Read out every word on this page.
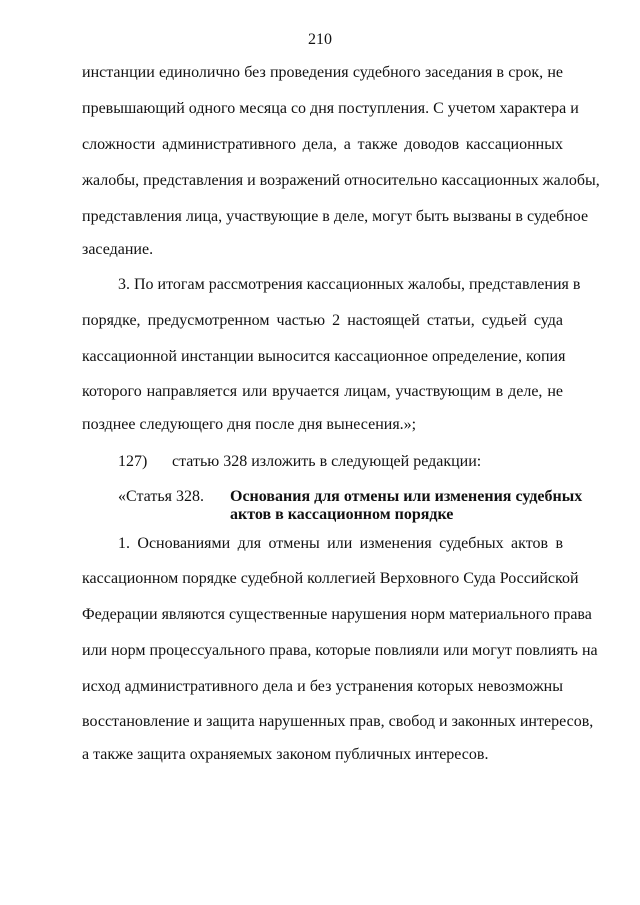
210
инстанции единолично без проведения судебного заседания в срок, не
превышающий одного месяца со дня поступления. С учетом характера и
сложности административного дела, а также доводов кассационных
жалобы, представления и возражений относительно кассационных жалобы,
представления лица, участвующие в деле, могут быть вызваны в судебное
заседание.
3. По итогам рассмотрения кассационных жалобы, представления в
порядке, предусмотренном частью 2 настоящей статьи, судьей суда
кассационной инстанции выносится кассационное определение, копия
которого направляется или вручается лицам, участвующим в деле, не
позднее следующего дня после дня вынесения.»;
127) статью 328 изложить в следующей редакции:
«Статья 328. Основания для отмены или изменения судебных
актов в кассационном порядке
1. Основаниями для отмены или изменения судебных актов в
кассационном порядке судебной коллегией Верховного Суда Российской
Федерации являются существенные нарушения норм материального права
или норм процессуального права, которые повлияли или могут повлиять на
исход административного дела и без устранения которых невозможны
восстановление и защита нарушенных прав, свобод и законных интересов,
а также защита охраняемых законом публичных интересов.
